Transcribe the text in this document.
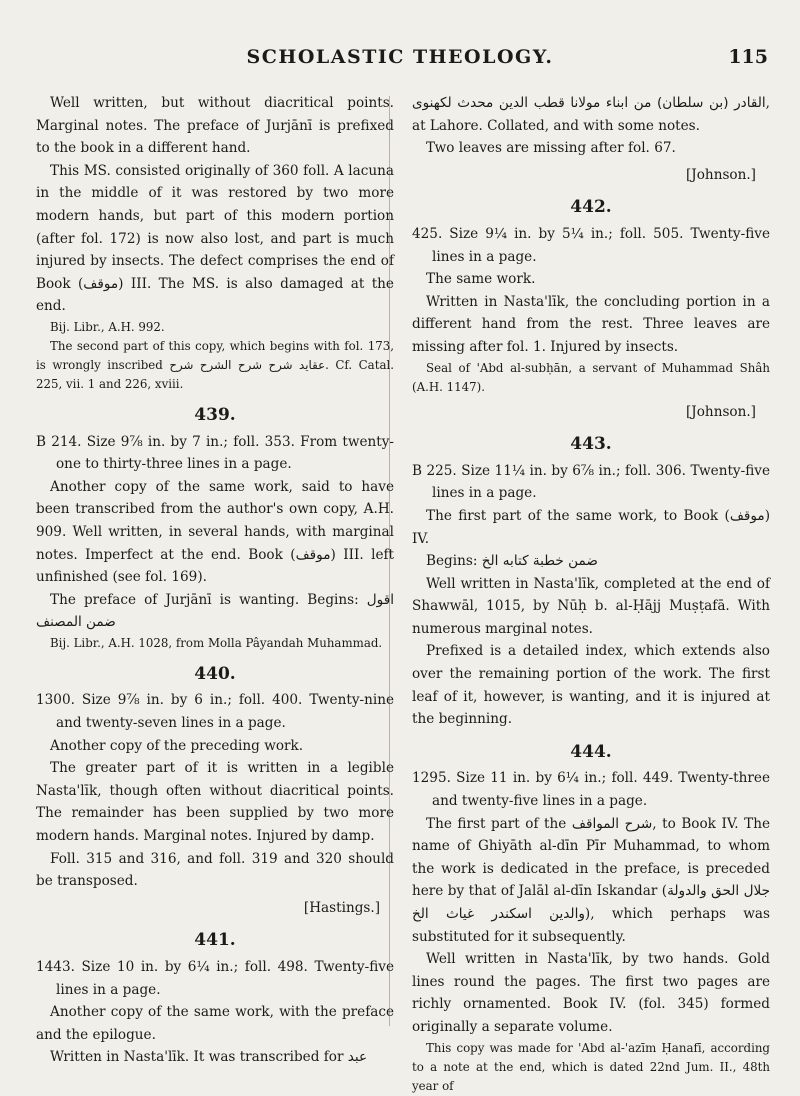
SCHOLASTIC THEOLOGY.	115

Well written, but without diacritical points. Marginal notes. The preface of Jurjānī is prefixed to the book in a different hand.

This MS. consisted originally of 360 foll. A lacuna in the middle of it was restored by two more modern hands, but part of this modern portion (after fol. 172) is now also lost, and part is much injured by insects. The defect comprises the end of Book (موقف) III. The MS. is also damaged at the end.

Bij. Libr., A.H. 992.

The second part of this copy, which begins with fol. 173, is wrongly inscribed عقايد شرح شرح الشرح شرح. Cf. Catal. 225, vii. 1 and 226, xviii.

439.

B 214. Size 9⅞ in. by 7 in.; foll. 353. From twenty-one to thirty-three lines in a page.

Another copy of the same work, said to have been transcribed from the author's own copy, A.H. 909. Well written, in several hands, with marginal notes. Imperfect at the end. Book (موقف) III. left unfinished (see fol. 169).

The preface of Jurjānī is wanting. Begins: اقول ضمن المصنف

Bij. Libr., A.H. 1028, from Molla Pâyandah Muhammad.

440.

1300. Size 9⅞ in. by 6 in.; foll. 400. Twenty-nine and twenty-seven lines in a page.

Another copy of the preceding work.

The greater part of it is written in a legible Nasta'līk, though often without diacritical points. The remainder has been supplied by two more modern hands. Marginal notes. Injured by damp.

Foll. 315 and 316, and foll. 319 and 320 should be transposed.

[Hastings.]

441.

1443. Size 10 in. by 6¼ in.; foll. 498. Twenty-five lines in a page.

Another copy of the same work, with the preface and the epilogue.

Written in Nasta'līk. It was transcribed for عبد

القادر (بن سلطان) من ابناء مولانا قطب الدين محدث لکهنوی, at Lahore. Collated, and with some notes.

Two leaves are missing after fol. 67.

[Johnson.]

442.

425. Size 9¼ in. by 5¼ in.; foll. 505. Twenty-five lines in a page.

The same work.

Written in Nasta'līk, the concluding portion in a different hand from the rest. Three leaves are missing after fol. 1. Injured by insects.

Seal of 'Abd al-subḥān, a servant of Muhammad Shâh (A.H. 1147).

[Johnson.]

443.

B 225. Size 11¼ in. by 6⅞ in.; foll. 306. Twenty-five lines in a page.

The first part of the same work, to Book (موقف) IV.

Begins: ضمن خطبة كتابه الخ

Well written in Nasta'līk, completed at the end of Shawwāl, 1015, by Nūḥ b. al-Ḥājj Muṣṭafā. With numerous marginal notes.

Prefixed is a detailed index, which extends also over the remaining portion of the work. The first leaf of it, however, is wanting, and it is injured at the beginning.

444.

1295. Size 11 in. by 6¼ in.; foll. 449. Twenty-three and twenty-five lines in a page.

The first part of the شرح المواقف, to Book IV. The name of Ghiyāth al-dīn Pīr Muhammad, to whom the work is dedicated in the preface, is preceded here by that of Jalāl al-dīn Iskandar (جلال الحق والدولة والدين اسکندر غياث الخ), which perhaps was substituted for it subsequently.

Well written in Nasta'līk, by two hands. Gold lines round the pages. The first two pages are richly ornamented. Book IV. (fol. 345) formed originally a separate volume.

This copy was made for 'Abd al-'azīm Ḥanafī, according to a note at the end, which is dated 22nd Jum. II., 48th year of
